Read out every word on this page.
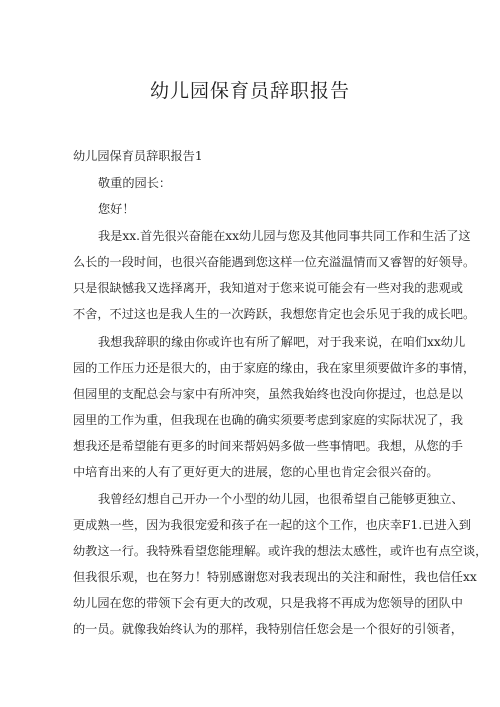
幼儿园保育员辞职报告
幼儿园保育员辞职报告1
敬重的园长：
您好！
我是xx.首先很兴奋能在xx幼儿园与您及其他同事共同工作和生活了这
么长的一段时间，也很兴奋能遇到您这样一位充溢温情而又睿智的好领导。
只是很缺憾我又选择离开，我知道对于您来说可能会有一些对我的悲观或
不舍，不过这也是我人生的一次跨跃，我想您肯定也会乐见于我的成长吧。
我想我辞职的缘由你或许也有所了解吧，对于我来说，在咱们xx幼儿
园的工作压力还是很大的，由于家庭的缘由，我在家里须要做许多的事情，
但园里的支配总会与家中有所冲突，虽然我始终也没向你提过，也总是以
园里的工作为重，但我现在也确的确实须要考虑到家庭的实际状况了，我
想我还是希望能有更多的时间来帮妈妈多做一些事情吧。我想，从您的手
中培育出来的人有了更好更大的进展，您的心里也肯定会很兴奋的。
我曾经幻想自己开办一个小型的幼儿园，也很希望自己能够更独立、
更成熟一些，因为我很宠爱和孩子在一起的这个工作，也庆幸F1.已进入到
幼教这一行。我特殊看望您能理解。或许我的想法太感性，或许也有点空谈，
但我很乐观，也在努力！特别感谢您对我表现出的关注和耐性，我也信任xx
幼儿园在您的带领下会有更大的改观，只是我将不再成为您领导的团队中
的一员。就像我始终认为的那样，我特别信任您会是一个很好的引领者，
